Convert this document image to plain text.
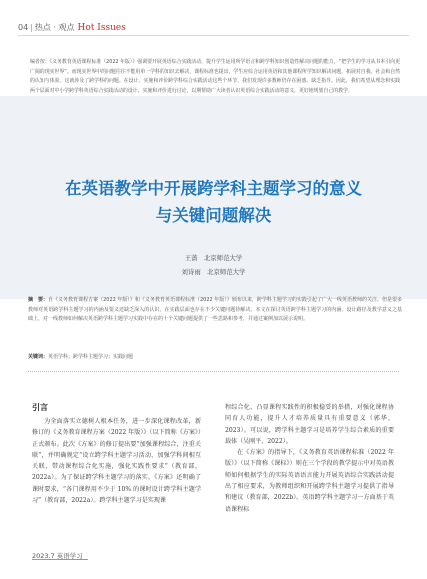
04 | 热点 · 观点 Hot Issues
编者按：《义务教育英语课程标准（2022 年版）》强调要开展英语综合实践活动，提升学生运用所学语言和跨学科知识创造性解决问题的能力，“把学生的学习从书本引向更广阔的现实世界”。而现实世界中的问题往往不能用单一学科的知识去解决，课程标准也提出，学生应综合运用英语和其他课程所学知识解决问题，拓展对自我、社会和自然的认知与体验。这就涉及了跨学科的问题。在设计、实施和评价跨学科综合实践活动这些个环节，我们发现许多教师仍存在困惑、缺乏指导。因此，我们希望从理念和实践两个层面对中小学跨学科英语综合实践活动的设计、实施和评价进行讨论，以期帮助广大读者认识英语综合实践活动的意义，更好地规划自己的教学。
在英语教学中开展跨学科主题学习的意义
与关键问题解决
王蔷　北京师范大学
刘诗雨　北京师范大学
摘　要：自《义务教育课程方案（2022 年版）》和《义务教育英语课程标准（2022 年版）》颁布以来，跨学科主题学习的实践引起了广大一线英语教师的关注。但是很多教师对英语跨学科主题学习的内涵及要义还缺乏深入的认识，在实践层面也存在不少关键问题待解决。本文在探讨英语跨学科主题学习的内涵、设计路径及教学意义之基础上，对一线教师如何解决英语跨学科主题学习实践中存在的十个关键问题提供了一些思路和参考，并通过案例加以展示说明。
关键词：英语学科；跨学科主题学习；实践问题
引言

为全面落实立德树人根本任务，进一步深化课程改革，新修订的《义务教育课程方案（2022 年版）》（以下简称《方案》）正式颁布。此次《方案》的修订提出要“加强课程综合，注重关联”，并明确规定“设立跨学科主题学习活动，加强学科间相互关联，带动课程综合化实施，强化实践性要求”（教育部，2022a）。为了保证跨学科主题学习的落实，《方案》还明确了课时要求，“各门课程用不少于 10% 的课时设计跨学科主题学习”（教育部，2022a）。跨学科主题学习是实现课

程综合化、凸显课程实践性的积极稳妥的举措，对强化课程协同育人功能，提升人才培养质量具有重要意义（郭华，2023）。可以说，跨学科主题学习是培养学生综合素质的重要载体（吴刚平，2022）。

在《方案》的指导下，《义务教育英语课程标准（2022 年版）》（以下简称《课标》）则在三个学段的教学提示中对英语教师如何根据学生的实际英语语言能力开展英语综合实践活动提出了相应要求，为教师组织和开展跨学科主题学习提供了指导和建议（教育部，2022b）。英语跨学科主题学习一方面基于英语课程标

2023.7 英语学习
